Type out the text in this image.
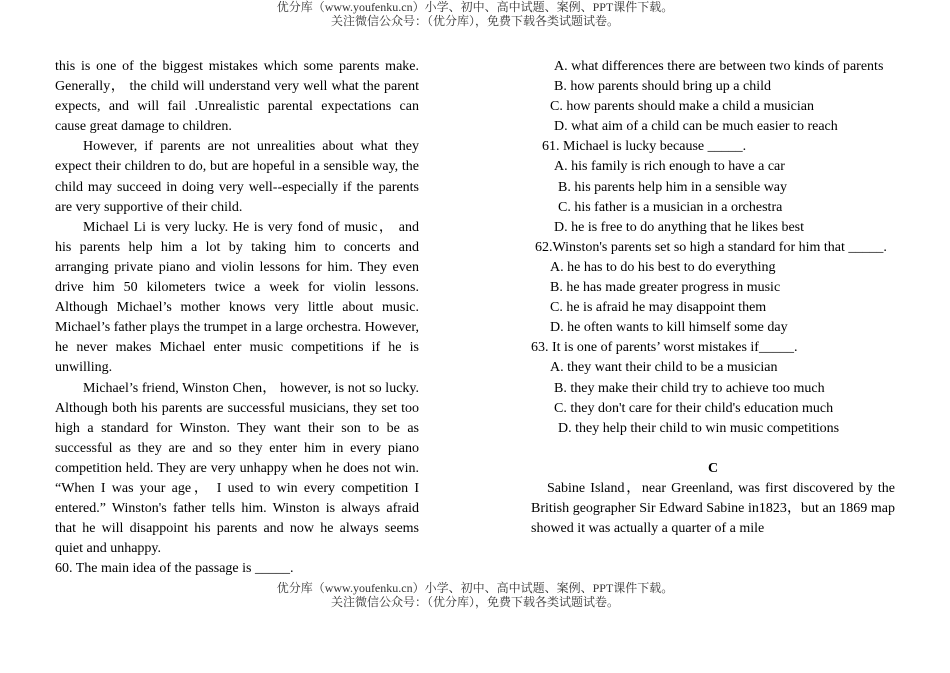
优分库（www.youfenku.cn）小学、初中、高中试题、案例、PPT课件下载。
关注微信公众号：（优分库），免费下载各类试题试卷。

this is one of the biggest mistakes which some parents make. Generally， the child will understand very well what the parent expects, and will fail .Unrealistic parental expectations can cause great damage to children.

However, if parents are not unrealities about what they expect their children to do, but are hopeful in a sensible way, the child may succeed in doing very well--especially if the parents are very supportive of their child.

Michael Li is very lucky. He is very fond of music， and his parents help him a lot by taking him to concerts and arranging private piano and violin lessons for him. They even drive him 50 kilometers twice a week for violin lessons. Although Michael’s mother knows very little about music. Michael’s father plays the trumpet in a large orchestra. However, he never makes Michael enter music competitions if he is unwilling.

Michael’s friend, Winston Chen， however, is not so lucky. Although both his parents are successful musicians, they set too high a standard for Winston. They want their son to be as successful as they are and so they enter him in every piano competition held. They are very unhappy when he does not win. “When I was your age， I used to win every competition I entered.” Winston's father tells him. Winston is always afraid that he will disappoint his parents and now he always seems quiet and unhappy.

60. The main idea of the passage is _____.

A. what differences there are between two kinds of parents

B. how parents should bring up a child

C. how parents should make a child a musician

D. what aim of a child can be much easier to reach

61. Michael is lucky because _____.

A. his family is rich enough to have a car

B. his parents help him in a sensible way

C. his father is a musician in a orchestra

D. he is free to do anything that he likes best

62.Winston's parents set so high a standard for him that _____.

A. he has to do his best to do everything

B. he has made greater progress in music

C. he is afraid he may disappoint them

D. he often wants to kill himself some day

63. It is one of parents’ worst mistakes if_____.

A. they want their child to be a musician

B. they make their child try to achieve too much

C. they don't care for their child's education much

D. they help their child to win music competitions

C

Sabine Island，near Greenland, was first discovered by the British geographer Sir Edward Sabine in1823，but an 1869 map showed it was actually a quarter of a mile

优分库（www.youfenku.cn）小学、初中、高中试题、案例、PPT课件下载。
关注微信公众号：（优分库），免费下载各类试题试卷。
